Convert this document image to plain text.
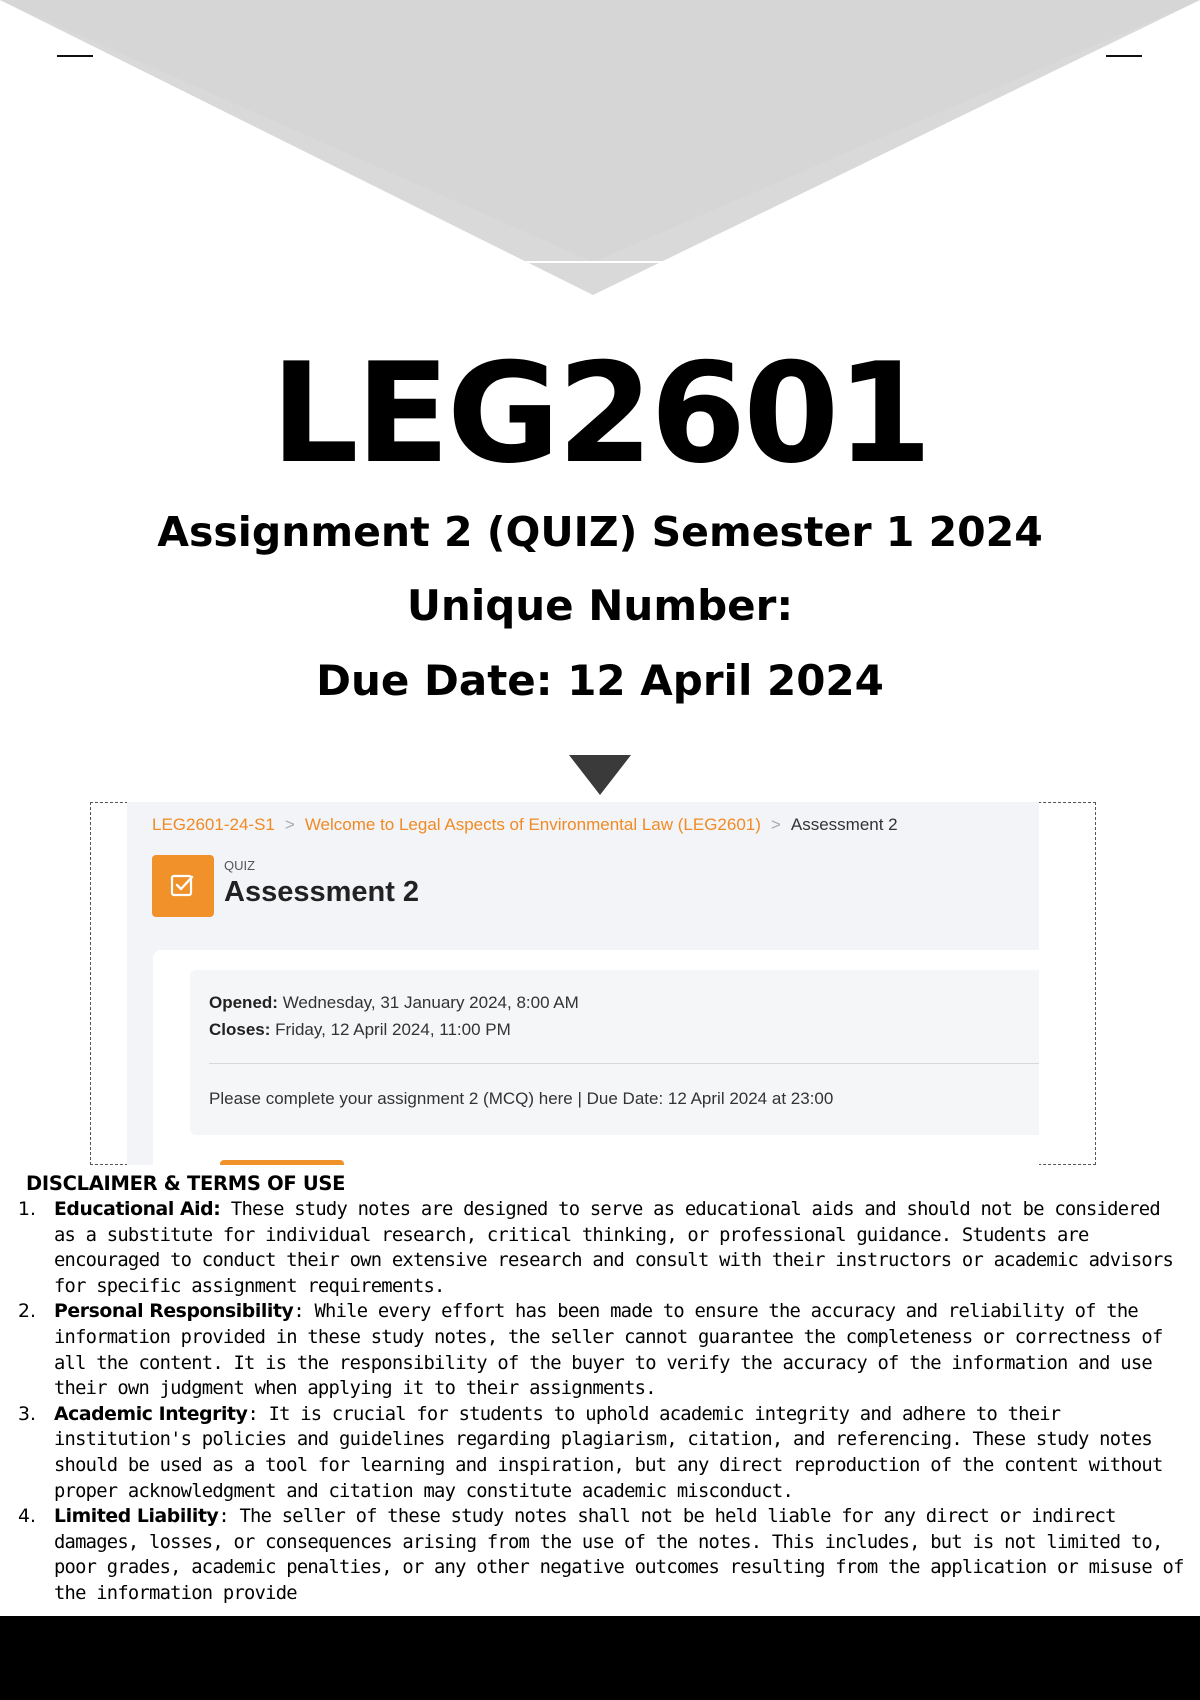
LEG2601
Assignment 2 (QUIZ) Semester 1 2024
Unique Number:
Due Date: 12 April 2024
LEG2601-24-S1 > Welcome to Legal Aspects of Environmental Law (LEG2601) > Assessment 2
QUIZ
Assessment 2
Opened: Wednesday, 31 January 2024, 8:00 AM
Closes: Friday, 12 April 2024, 11:00 PM
Please complete your assignment 2 (MCQ) here | Due Date: 12 April 2024 at 23:00
DISCLAIMER & TERMS OF USE
1. Educational Aid: These study notes are designed to serve as educational aids and should not be considered as a substitute for individual research, critical thinking, or professional guidance. Students are encouraged to conduct their own extensive research and consult with their instructors or academic advisors for specific assignment requirements.
2. Personal Responsibility: While every effort has been made to ensure the accuracy and reliability of the information provided in these study notes, the seller cannot guarantee the completeness or correctness of all the content. It is the responsibility of the buyer to verify the accuracy of the information and use their own judgment when applying it to their assignments.
3. Academic Integrity: It is crucial for students to uphold academic integrity and adhere to their institution's policies and guidelines regarding plagiarism, citation, and referencing. These study notes should be used as a tool for learning and inspiration, but any direct reproduction of the content without proper acknowledgment and citation may constitute academic misconduct.
4. Limited Liability: The seller of these study notes shall not be held liable for any direct or indirect damages, losses, or consequences arising from the use of the notes. This includes, but is not limited to, poor grades, academic penalties, or any other negative outcomes resulting from the application or misuse of the information provide
